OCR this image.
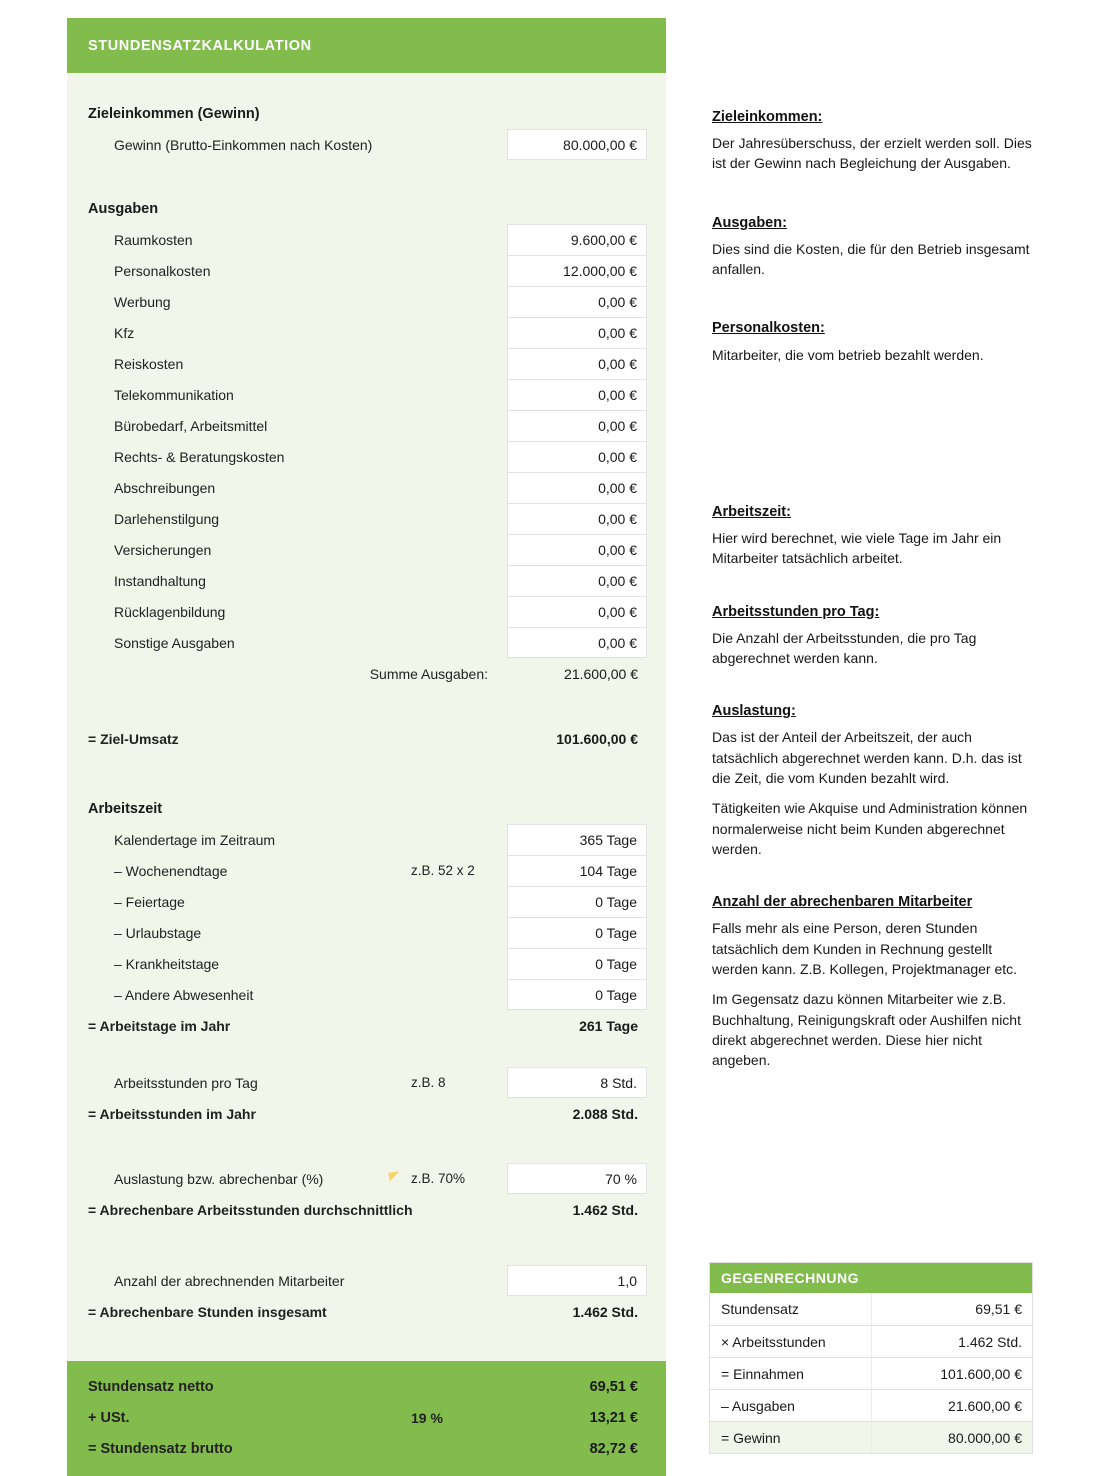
STUNDENSATZKALKULATION
Zieleinkommen (Gewinn)
Gewinn (Brutto-Einkommen nach Kosten)	80.000,00 €
Ausgaben
Raumkosten	9.600,00 €
Personalkosten	12.000,00 €
Werbung	0,00 €
Kfz	0,00 €
Reiskosten	0,00 €
Telekommunikation	0,00 €
Bürobedarf, Arbeitsmittel	0,00 €
Rechts- & Beratungskosten	0,00 €
Abschreibungen	0,00 €
Darlehenstilgung	0,00 €
Versicherungen	0,00 €
Instandhaltung	0,00 €
Rücklagenbildung	0,00 €
Sonstige Ausgaben	0,00 €
Summe Ausgaben:	21.600,00 €
= Ziel-Umsatz	101.600,00 €
Arbeitszeit
Kalendertage im Zeitraum	365 Tage
– Wochenendtage	z.B. 52 x 2	104 Tage
– Feiertage	0 Tage
– Urlaubstage	0 Tage
– Krankheitstage	0 Tage
– Andere Abwesenheit	0 Tage
= Arbeitstage im Jahr	261 Tage
Arbeitsstunden pro Tag	z.B. 8	8 Std.
= Arbeitsstunden im Jahr	2.088 Std.
Auslastung bzw. abrechenbar (%)	z.B. 70%	70 %
= Abrechenbare Arbeitsstunden durchschnittlich	1.462 Std.
Anzahl der abrechnenden Mitarbeiter	1,0
= Abrechenbare Stunden insgesamt	1.462 Std.
Stundensatz netto	69,51 €
+ USt.	19 %	13,21 €
= Stundensatz brutto	82,72 €
Zieleinkommen:

Der Jahresüberschuss, der erzielt werden soll. Dies ist der Gewinn nach Begleichung der Ausgaben.

Ausgaben:

Dies sind die Kosten, die für den Betrieb insgesamt anfallen.

Personalkosten:

Mitarbeiter, die vom betrieb bezahlt werden.

Arbeitszeit:

Hier wird berechnet, wie viele Tage im Jahr ein Mitarbeiter tatsächlich arbeitet.

Arbeitsstunden pro Tag:

Die Anzahl der Arbeitsstunden, die pro Tag abgerechnet werden kann.

Auslastung:

Das ist der Anteil der Arbeitszeit, der auch tatsächlich abgerechnet werden kann. D.h. das ist die Zeit, die vom Kunden bezahlt wird.

Tätigkeiten wie Akquise und Administration können normalerweise nicht beim Kunden abgerechnet werden.

Anzahl der abrechenbaren Mitarbeiter

Falls mehr als eine Person, deren Stunden tatsächlich dem Kunden in Rechnung gestellt werden kann. Z.B. Kollegen, Projektmanager etc.

Im Gegensatz dazu können Mitarbeiter wie z.B. Buchhaltung, Reinigungskraft oder Aushilfen nicht direkt abgerechnet werden. Diese hier nicht angeben.

GEGENRECHNUNG
Stundensatz	69,51 €
× Arbeitsstunden	1.462 Std.
= Einnahmen	101.600,00 €
– Ausgaben	21.600,00 €
= Gewinn	80.000,00 €
